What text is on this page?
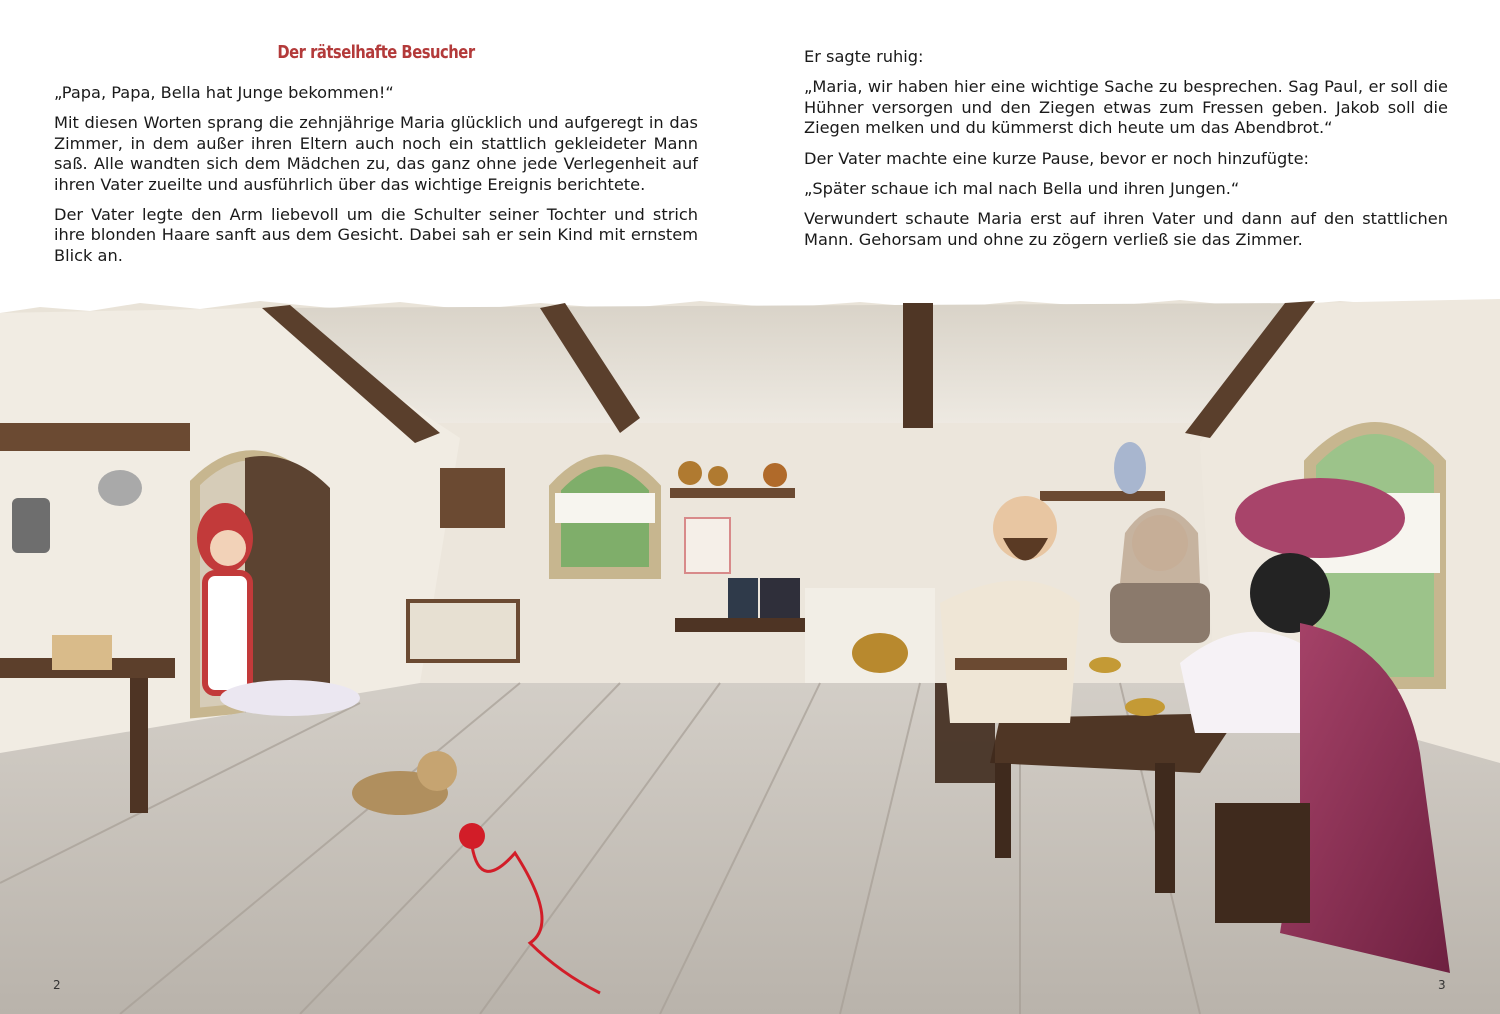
Der rätselhafte Besucher

„Papa, Papa, Bella hat Junge bekommen!“

Mit diesen Worten sprang die zehnjährige Maria glücklich und aufgeregt in das Zimmer, in dem außer ihren Eltern auch noch ein stattlich gekleideter Mann saß. Alle wandten sich dem Mädchen zu, das ganz ohne jede Verlegenheit auf ihren Vater zueilte und ausführlich über das wichtige Ereignis berichtete.

Der Vater legte den Arm liebevoll um die Schulter seiner Tochter und strich ihre blonden Haare sanft aus dem Gesicht. Dabei sah er sein Kind mit ernstem Blick an.

Er sagte ruhig:

„Maria, wir haben hier eine wichtige Sache zu besprechen. Sag Paul, er soll die Hühner versorgen und den Ziegen etwas zum Fressen geben. Jakob soll die Ziegen melken und du kümmerst dich heute um das Abendbrot.“

Der Vater machte eine kurze Pause, bevor er noch hinzufügte:

„Später schaue ich mal nach Bella und ihren Jungen.“

Verwundert schaute Maria erst auf ihren Vater und dann auf den stattlichen Mann. Gehorsam und ohne zu zögern verließ sie das Zimmer.

2	3
